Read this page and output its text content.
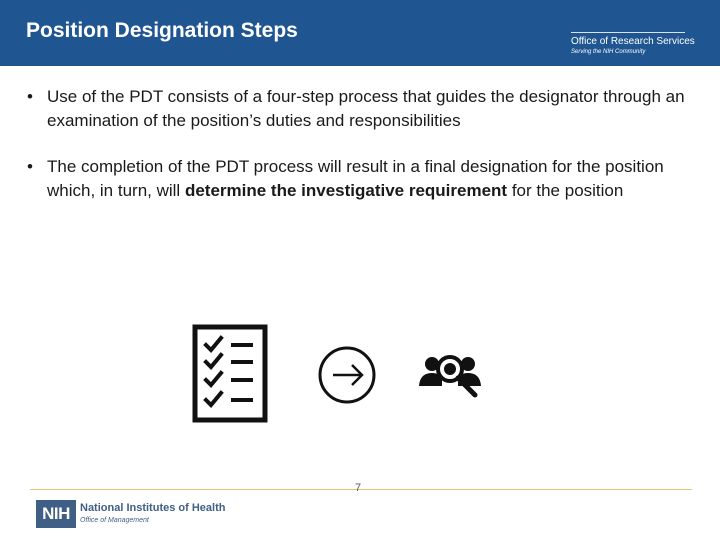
Position Designation Steps	Office of Research Services
Serving the NIH Community
• Use of the PDT consists of a four-step process that guides the designator through an examination of the position’s duties and responsibilities
• The completion of the PDT process will result in a final designation for the position which, in turn, will determine the investigative requirement for the position
NIH National Institutes of Health
Office of Management
7
